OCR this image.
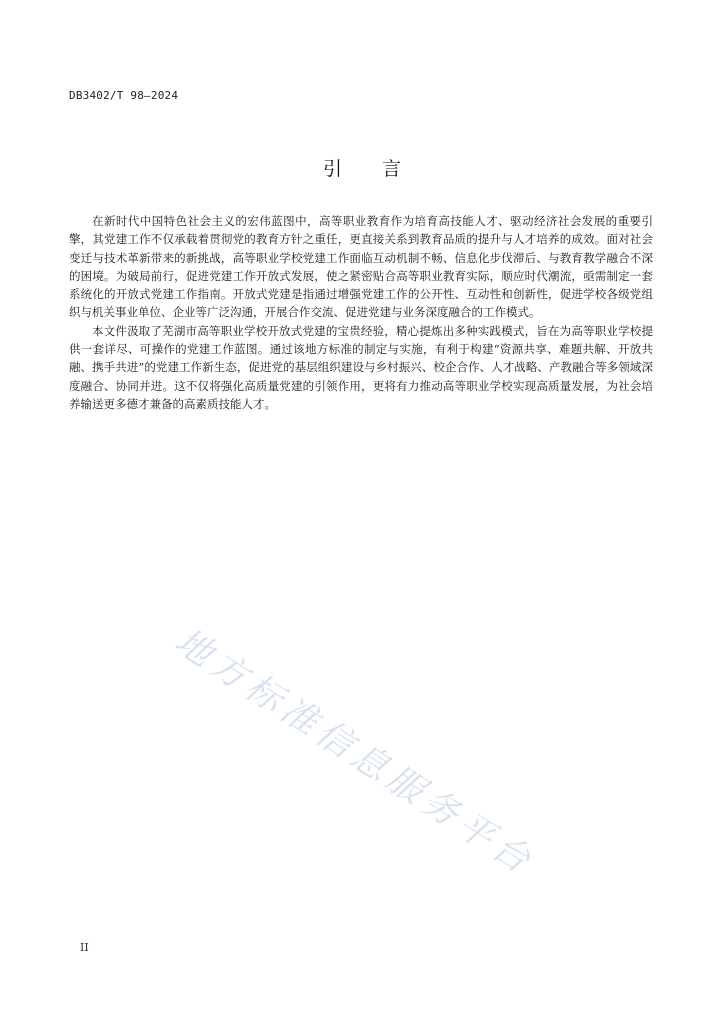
DB3402/T 98—2024
引 言

在新时代中国特色社会主义的宏伟蓝图中，高等职业教育作为培育高技能人才、驱动经济社会发展的重要引擎，其党建工作不仅承载着贯彻党的教育方针之重任，更直接关系到教育品质的提升与人才培养的成效。面对社会变迁与技术革新带来的新挑战，高等职业学校党建工作面临互动机制不畅、信息化步伐滞后、与教育教学融合不深的困境。为破局前行，促进党建工作开放式发展，使之紧密贴合高等职业教育实际，顺应时代潮流，亟需制定一套系统化的开放式党建工作指南。开放式党建是指通过增强党建工作的公开性、互动性和创新性，促进学校各级党组织与机关事业单位、企业等广泛沟通，开展合作交流、促进党建与业务深度融合的工作模式。

本文件汲取了芜湖市高等职业学校开放式党建的宝贵经验，精心提炼出多种实践模式，旨在为高等职业学校提供一套详尽、可操作的党建工作蓝图。通过该地方标准的制定与实施，有利于构建“资源共享、难题共解、开放共融、携手共进”的党建工作新生态，促进党的基层组织建设与乡村振兴、校企合作、人才战略、产教融合等多领域深度融合、协同并进。这不仅将强化高质量党建的引领作用，更将有力推动高等职业学校实现高质量发展，为社会培养输送更多德才兼备的高素质技能人才。

地方标准信息服务平台
II
